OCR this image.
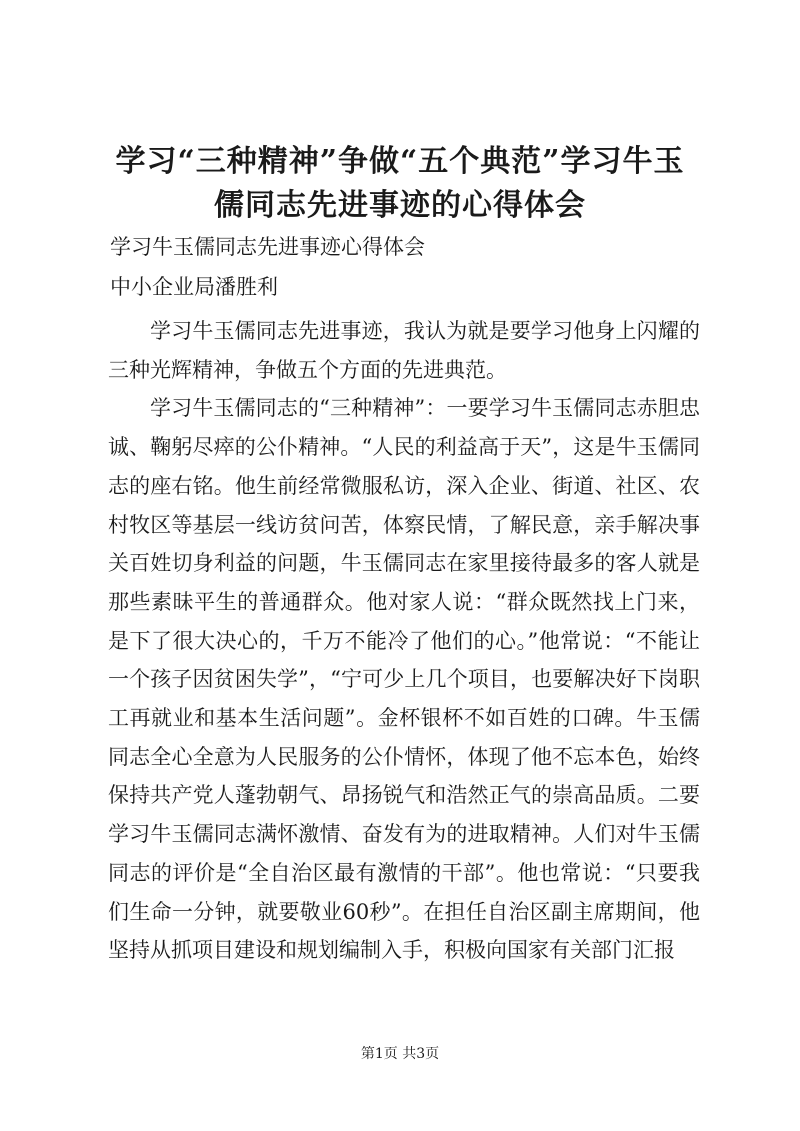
学习“三种精神”争做“五个典范”学习牛玉
儒同志先进事迹的心得体会
学习牛玉儒同志先进事迹心得体会
中小企业局潘胜利

学习牛玉儒同志先进事迹，我认为就是要学习他身上闪耀的三种光辉精神，争做五个方面的先进典范。

学习牛玉儒同志的“三种精神”：一要学习牛玉儒同志赤胆忠诚、鞠躬尽瘁的公仆精神。“人民的利益高于天”，这是牛玉儒同志的座右铭。他生前经常微服私访，深入企业、街道、社区、农村牧区等基层一线访贫问苦，体察民情，了解民意，亲手解决事关百姓切身利益的问题，牛玉儒同志在家里接待最多的客人就是那些素昧平生的普通群众。他对家人说：“群众既然找上门来，是下了很大决心的，千万不能冷了他们的心。”他常说：“不能让一个孩子因贫困失学”，“宁可少上几个项目，也要解决好下岗职工再就业和基本生活问题”。金杯银杯不如百姓的口碑。牛玉儒同志全心全意为人民服务的公仆情怀，体现了他不忘本色，始终保持共产党人蓬勃朝气、昂扬锐气和浩然正气的崇高品质。二要学习牛玉儒同志满怀激情、奋发有为的进取精神。人们对牛玉儒同志的评价是“全自治区最有激情的干部”。他也常说：“只要我们生命一分钟，就要敬业60秒”。在担任自治区副主席期间，他坚持从抓项目建设和规划编制入手，积极向国家有关部门汇报

第1页 共3页
